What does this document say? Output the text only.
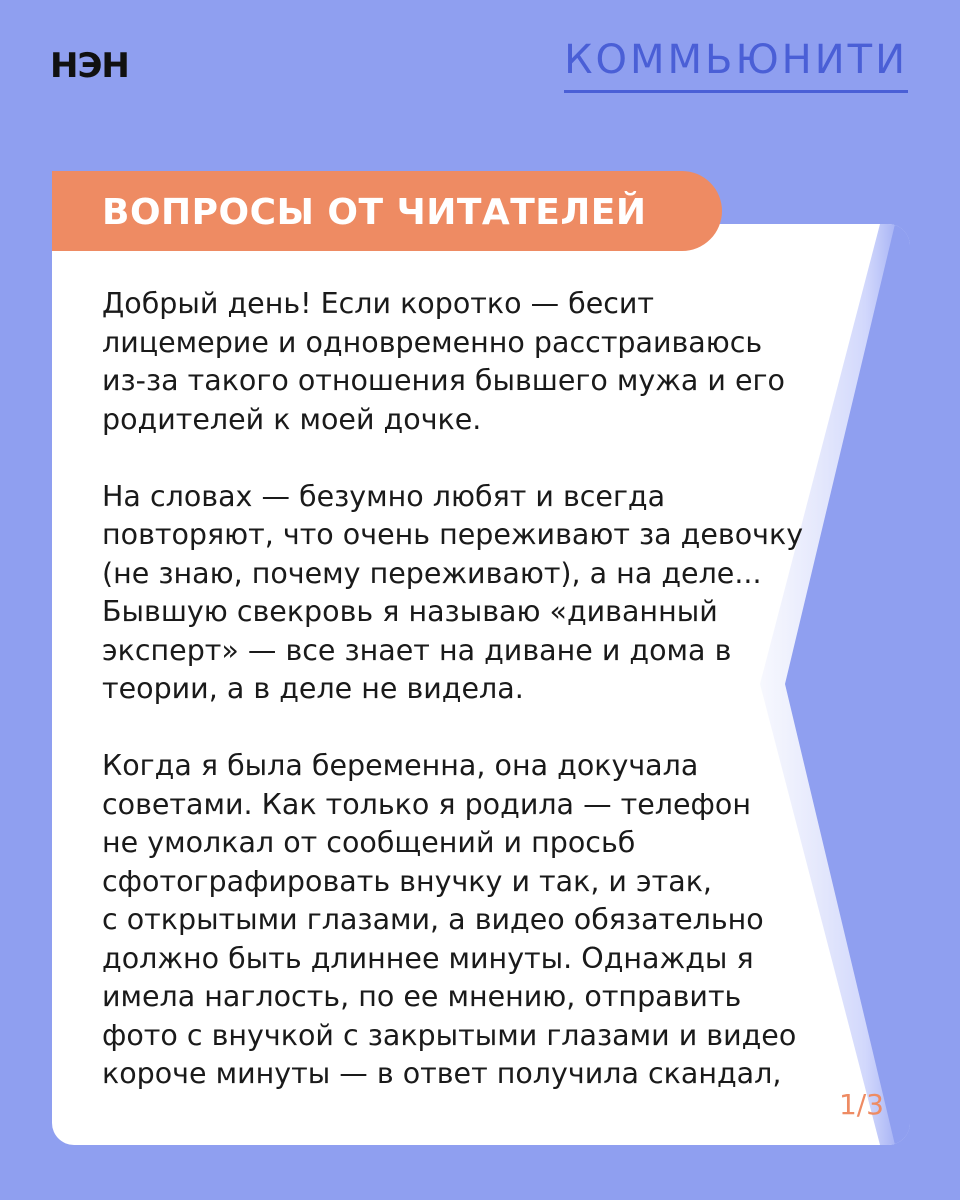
НЭН	КОММЬЮНИТИ
ВОПРОСЫ ОТ ЧИТАТЕЛЕЙ
Добрый день! Если коротко — бесит
лицемерие и одновременно расстраиваюсь
из-за такого отношения бывшего мужа и его
родителей к моей дочке.
На словах — безумно любят и всегда
повторяют, что очень переживают за девочку
(не знаю, почему переживают), а на деле...
Бывшую свекровь я называю «диванный
эксперт» — все знает на диване и дома в
теории, а в деле не видела.
Когда я была беременна, она докучала
советами. Как только я родила — телефон
не умолкал от сообщений и просьб
сфотографировать внучку и так, и этак,
с открытыми глазами, а видео обязательно
должно быть длиннее минуты. Однажды я
имела наглость, по ее мнению, отправить
фото с внучкой с закрытыми глазами и видео
короче минуты — в ответ получила скандал,
1/3
